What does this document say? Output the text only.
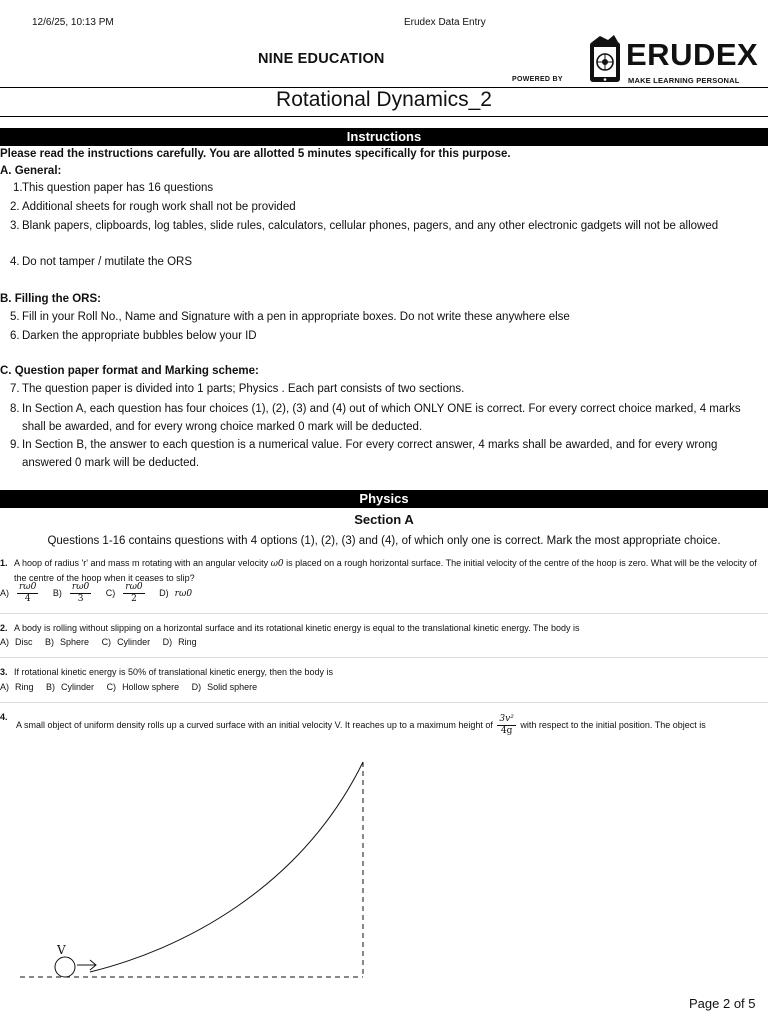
12/6/25, 10:13 PM	Erudex Data Entry
NINE EDUCATION
POWERED BY
ERUDEX
MAKE LEARNING PERSONAL
Rotational Dynamics_2
Instructions
Please read the instructions carefully. You are allotted 5 minutes specifically for this purpose.
A. General:
1. This question paper has 16 questions
2. Additional sheets for rough work shall not be provided
3. Blank papers, clipboards, log tables, slide rules, calculators, cellular phones, pagers, and any other electronic gadgets will not be allowed
4. Do not tamper / mutilate the ORS
B. Filling the ORS:
5. Fill in your Roll No., Name and Signature with a pen in appropriate boxes. Do not write these anywhere else
6. Darken the appropriate bubbles below your ID
C. Question paper format and Marking scheme:
7. The question paper is divided into 1 parts; Physics . Each part consists of two sections.
8. In Section A, each question has four choices (1), (2), (3) and (4) out of which ONLY ONE is correct. For every correct choice marked, 4 marks shall be awarded, and for every wrong choice marked 0 mark will be deducted.
9. In Section B, the answer to each question is a numerical value. For every correct answer, 4 marks shall be awarded, and for every wrong answered 0 mark will be deducted.
Physics
Section A
Questions 1-16 contains questions with 4 options (1), (2), (3) and (4), of which only one is correct. Mark the most appropriate choice.
1. A hoop of radius 'r' and mass m rotating with an angular velocity ω0 is placed on a rough horizontal surface. The initial velocity of the centre of the hoop is zero. What will be the velocity of the centre of the hoop when it ceases to slip?
$A) \frac{r\omega 0}{4} B) \frac{r\omega 0}{3} C) \frac{r\omega 0}{2} D$) rω0
2. A body is rolling without slipping on a horizontal surface and its rotational kinetic energy is equal to the translational kinetic energy. The body is
A) Disc B) Sphere C) Cylinder D) Ring
3. If rotational kinetic energy is 50% of translational kinetic energy, then the body is
A) Ring B) Cylinder C) Hollow sphere D) Solid sphere
4.
A small object of uniform density rolls up a curved surface with an initial velocity V. It reaches up to a maximum height of $\frac{\text{3v²}}{4g}$ with respect to the initial position. The object is
V
Page 2 of 5
